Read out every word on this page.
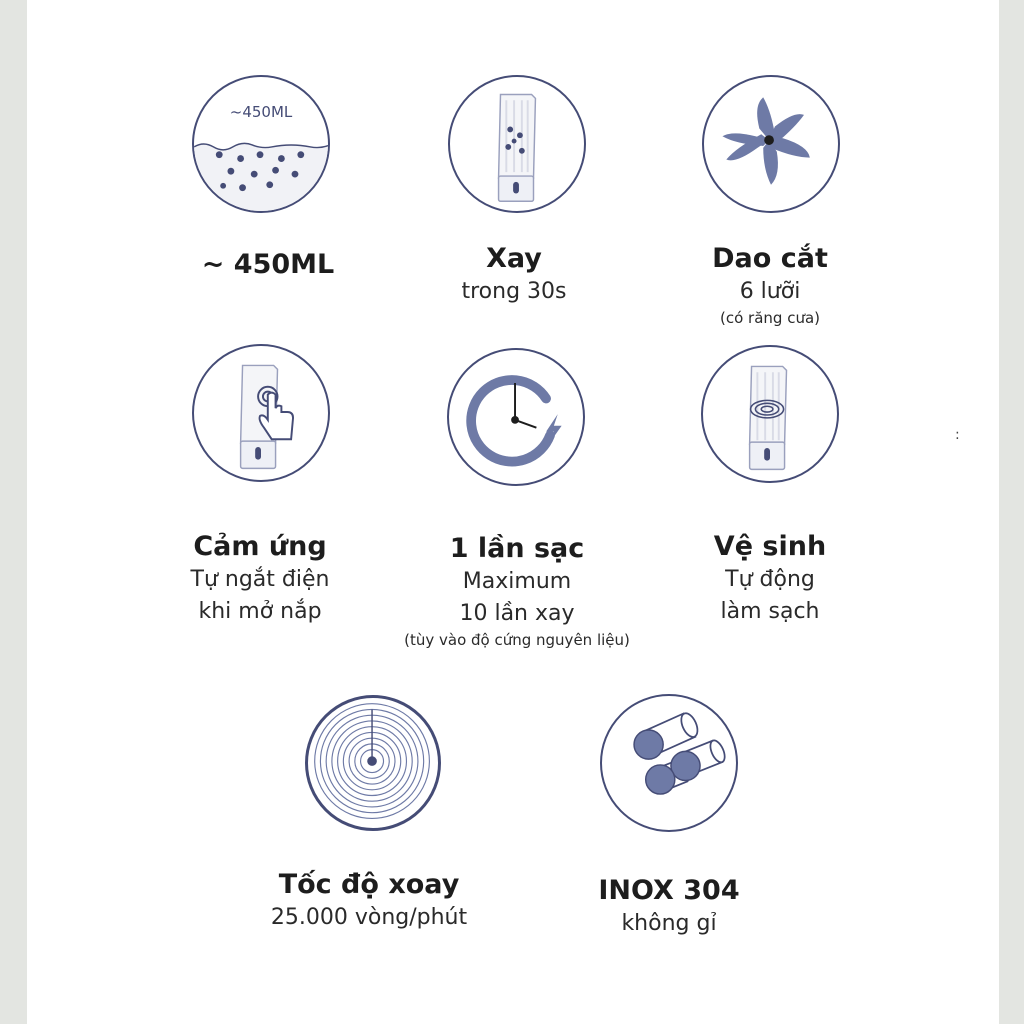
~450ML
~ 450ML	Xay
trong 30s
Dao cắt
6 lưỡi
(có răng cưa)
Cảm ứng
Tự ngắt điện
khi mở nắp
1 lần sạc
Maximum
10 lần xay
(tùy vào độ cứng nguyên liệu)
Vệ sinh
Tự động
làm sạch
Tốc độ xoay
25.000 vòng/phút
INOX 304
không gỉ
:
